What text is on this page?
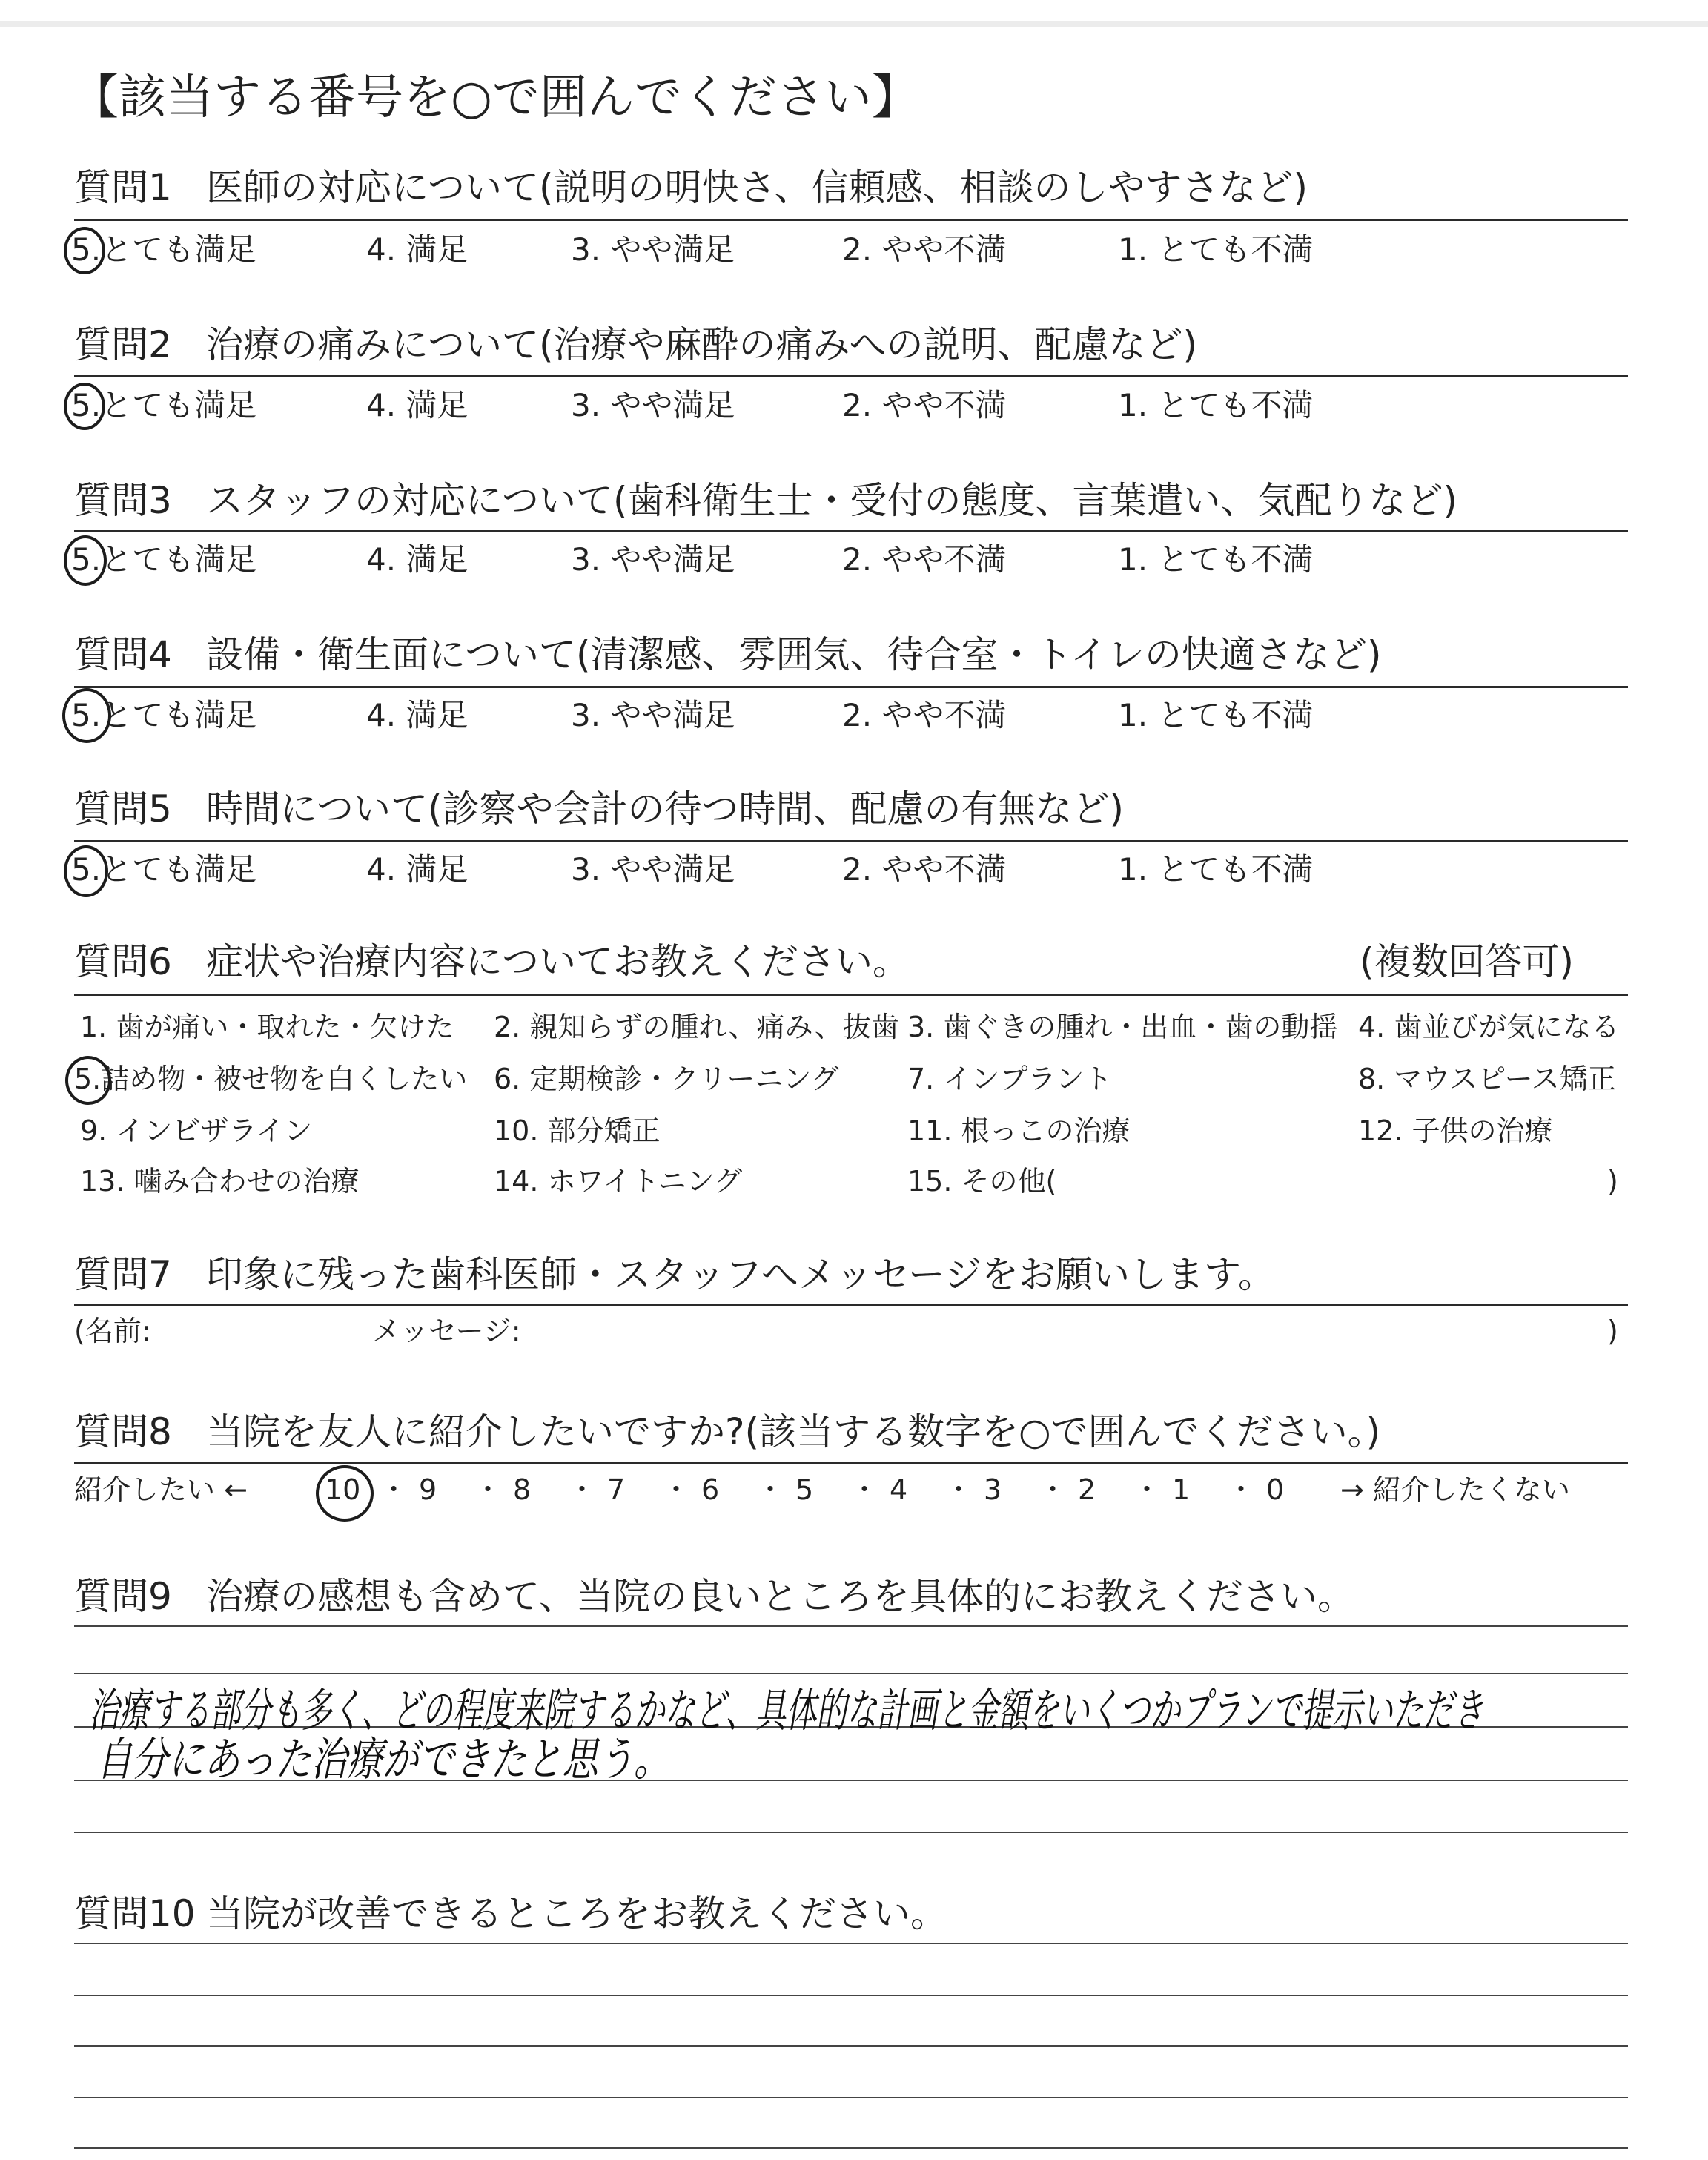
【該当する番号を○で囲んでください】
質問1 医師の対応について(説明の明快さ、信頼感、相談のしやすさなど)
5.とても満足	4. 満足	3. やや満足	2. やや不満	1. とても不満
質問2 治療の痛みについて(治療や麻酔の痛みへの説明、配慮など)
5.とても満足	4. 満足	3. やや満足	2. やや不満	1. とても不満
質問3 スタッフの対応について(歯科衛生士・受付の態度、言葉遣い、気配りなど)
5.とても満足	4. 満足	3. やや満足	2. やや不満	1. とても不満
質問4 設備・衛生面について(清潔感、雰囲気、待合室・トイレの快適さなど)
5.とても満足	4. 満足	3. やや満足	2. やや不満	1. とても不満
質問5 時間について(診察や会計の待つ時間、配慮の有無など)
5.とても満足	4. 満足	3. やや満足	2. やや不満	1. とても不満
質問6 症状や治療内容についてお教えください。	(複数回答可)
1. 歯が痛い・取れた・欠けた 2. 親知らずの腫れ、痛み、抜歯 3. 歯ぐきの腫れ・出血・歯の動揺 4. 歯並びが気になる
5.詰め物・被せ物を白くしたい 6. 定期検診・クリーニング 7. インプラント	8. マウスピース矯正
9. インビザライン	10. 部分矯正	11. 根っこの治療	12. 子供の治療
13. 噛み合わせの治療	14. ホワイトニング	15. その他(	)
質問7 印象に残った歯科医師・スタッフへメッセージをお願いします。
(名前:	メッセージ:	)
質問8 当院を友人に紹介したいですか?(該当する数字を○で囲んでください。)
紹介したい ←	→ 紹介したくない
10 ・ 9 ・ 8 ・ 7 ・ 6 ・ 5 ・ 4 ・ 3 ・ 2 ・ 1 ・ 0
質問9 治療の感想も含めて、当院の良いところを具体的にお教えください。
治療する部分も多く、どの程度来院するかなど、具体的な計画と金額をいくつかプランで提示いただき
自分にあった治療ができたと思う。
質問10 当院が改善できるところをお教えください。
